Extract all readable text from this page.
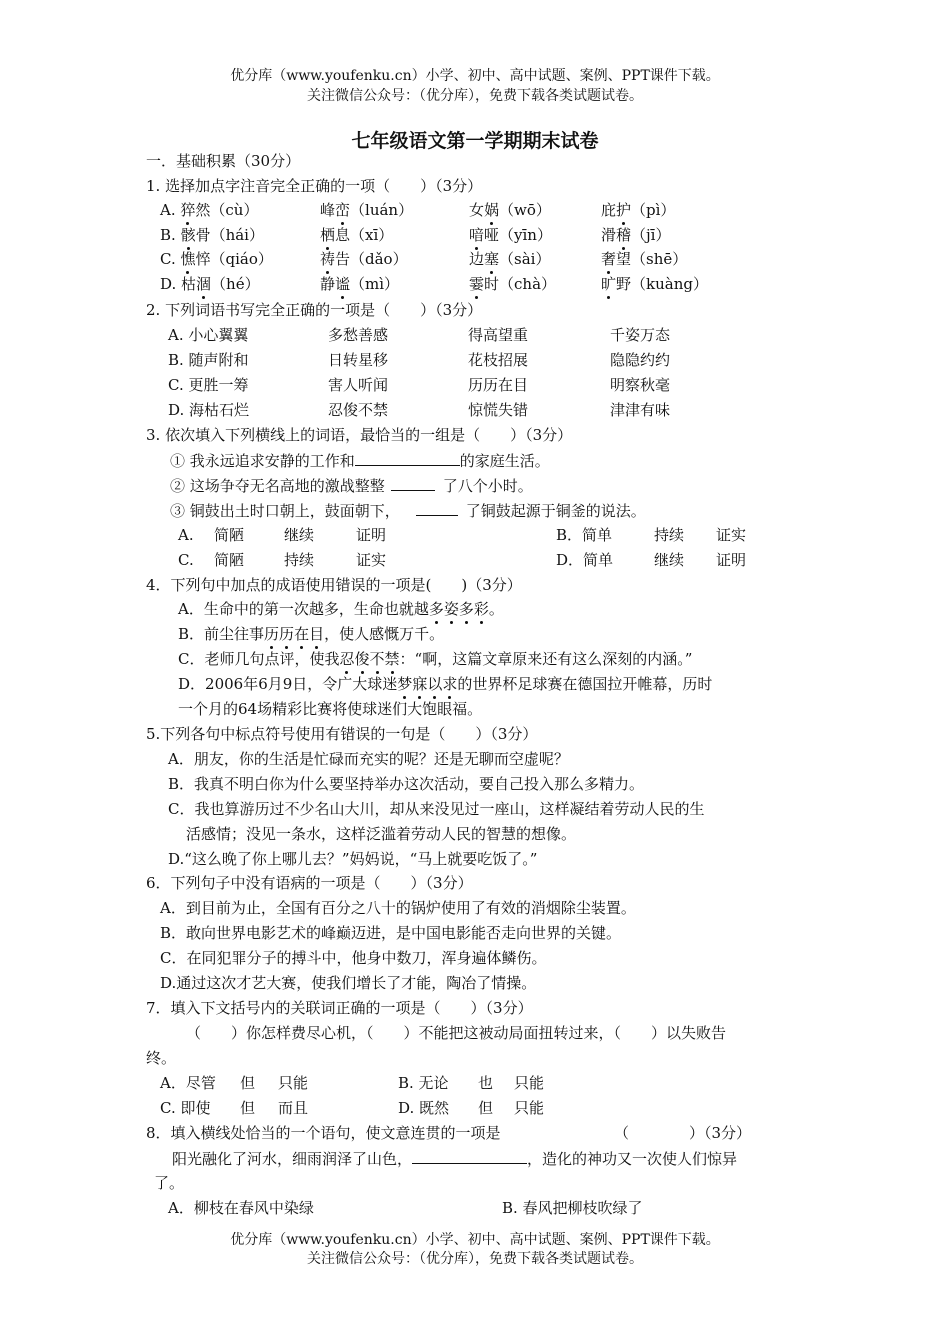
优分库（www.youfenku.cn）小学、初中、高中试题、案例、PPT课件下载。
关注微信公众号：（优分库），免费下载各类试题试卷。
七年级语文第一学期期末试卷
一．基础积累（30分）
1. 选择加点字注音完全正确的一项（　　）（3分）
A. 猝然（cù）	峰峦（luán）	女娲（wō）	庇护（pì）
B. 骸骨（hái）	栖息（xī）	喑哑（yīn）	滑稽（jī）
C. 憔悴（qiáo）	祷告（dǎo）	边塞（sài）	奢望（shē）
D. 枯涸（hé）	静谧（mì）	霎时（chà）	旷野（kuàng）
2. 下列词语书写完全正确的一项是（　　）（3分）
A. 小心翼翼	多愁善感	得高望重	千姿万态
B. 随声附和	日转星移	花枝招展	隐隐约约
C. 更胜一筹	害人听闻	历历在目	明察秋毫
D. 海枯石烂	忍俊不禁	惊慌失错	津津有味
3. 依次填入下列横线上的词语，最恰当的一组是（　　）（3分）
① 我永远追求安静的工作和	的家庭生活。
② 这场争夺无名高地的激战整整	了八个小时。
③ 铜鼓出土时口朝上，鼓面朝下，	了铜鼓起源于铜釜的说法。
A. 简陋	继续	证明	B．简单	持续 证实
C. 简陋	持续	证实	D．简单	继续 证明
4．下列句中加点的成语使用错误的一项是(　　)（3分）
A．生命中的第一次越多，生命也就越多姿多彩。
B．前尘往事历历在目，使人感慨万千。
C．老师几句点评，使我忍俊不禁：“啊，这篇文章原来还有这么深刻的内涵。”
D．2006年6月9日，令广大球迷梦寐以求的世界杯足球赛在德国拉开帷幕，历时
一个月的64场精彩比赛将使球迷们大饱眼福。
5.下列各句中标点符号使用有错误的一句是（　　）（3分）
A．朋友，你的生活是忙碌而充实的呢？还是无聊而空虚呢？
B．我真不明白你为什么要坚持举办这次活动，要自己投入那么多精力。
C．我也算游历过不少名山大川，却从来没见过一座山，这样凝结着劳动人民的生
活感情；没见一条水，这样泛滥着劳动人民的智慧的想像。
D.“这么晚了你上哪儿去？”妈妈说，“马上就要吃饭了。”
6．下列句子中没有语病的一项是（　　）（3分）
A．到目前为止，全国有百分之八十的锅炉使用了有效的消烟除尘装置。
B．敢向世界电影艺术的峰巅迈进，是中国电影能否走向世界的关键。
C．在同犯罪分子的搏斗中，他身中数刀，浑身遍体鳞伤。
D.通过这次才艺大赛，使我们增长了才能，陶冶了情操。
7．填入下文括号内的关联词正确的一项是（　　）（3分）
（　　）你怎样费尽心机，（　　）不能把这被动局面扭转过来，（　　）以失败告
终。
A．尽管 但 只能	B. 无论 也 只能
C. 即使 但 而且	D. 既然 但 只能
8．填入横线处恰当的一个语句，使文意连贯的一项是	（　　　　）（3分）
阳光融化了河水，细雨润泽了山色，	，造化的神功又一次使人们惊异
了。
A．柳枝在春风中染绿	B. 春风把柳枝吹绿了
优分库（www.youfenku.cn）小学、初中、高中试题、案例、PPT课件下载。
关注微信公众号：（优分库），免费下载各类试题试卷。
